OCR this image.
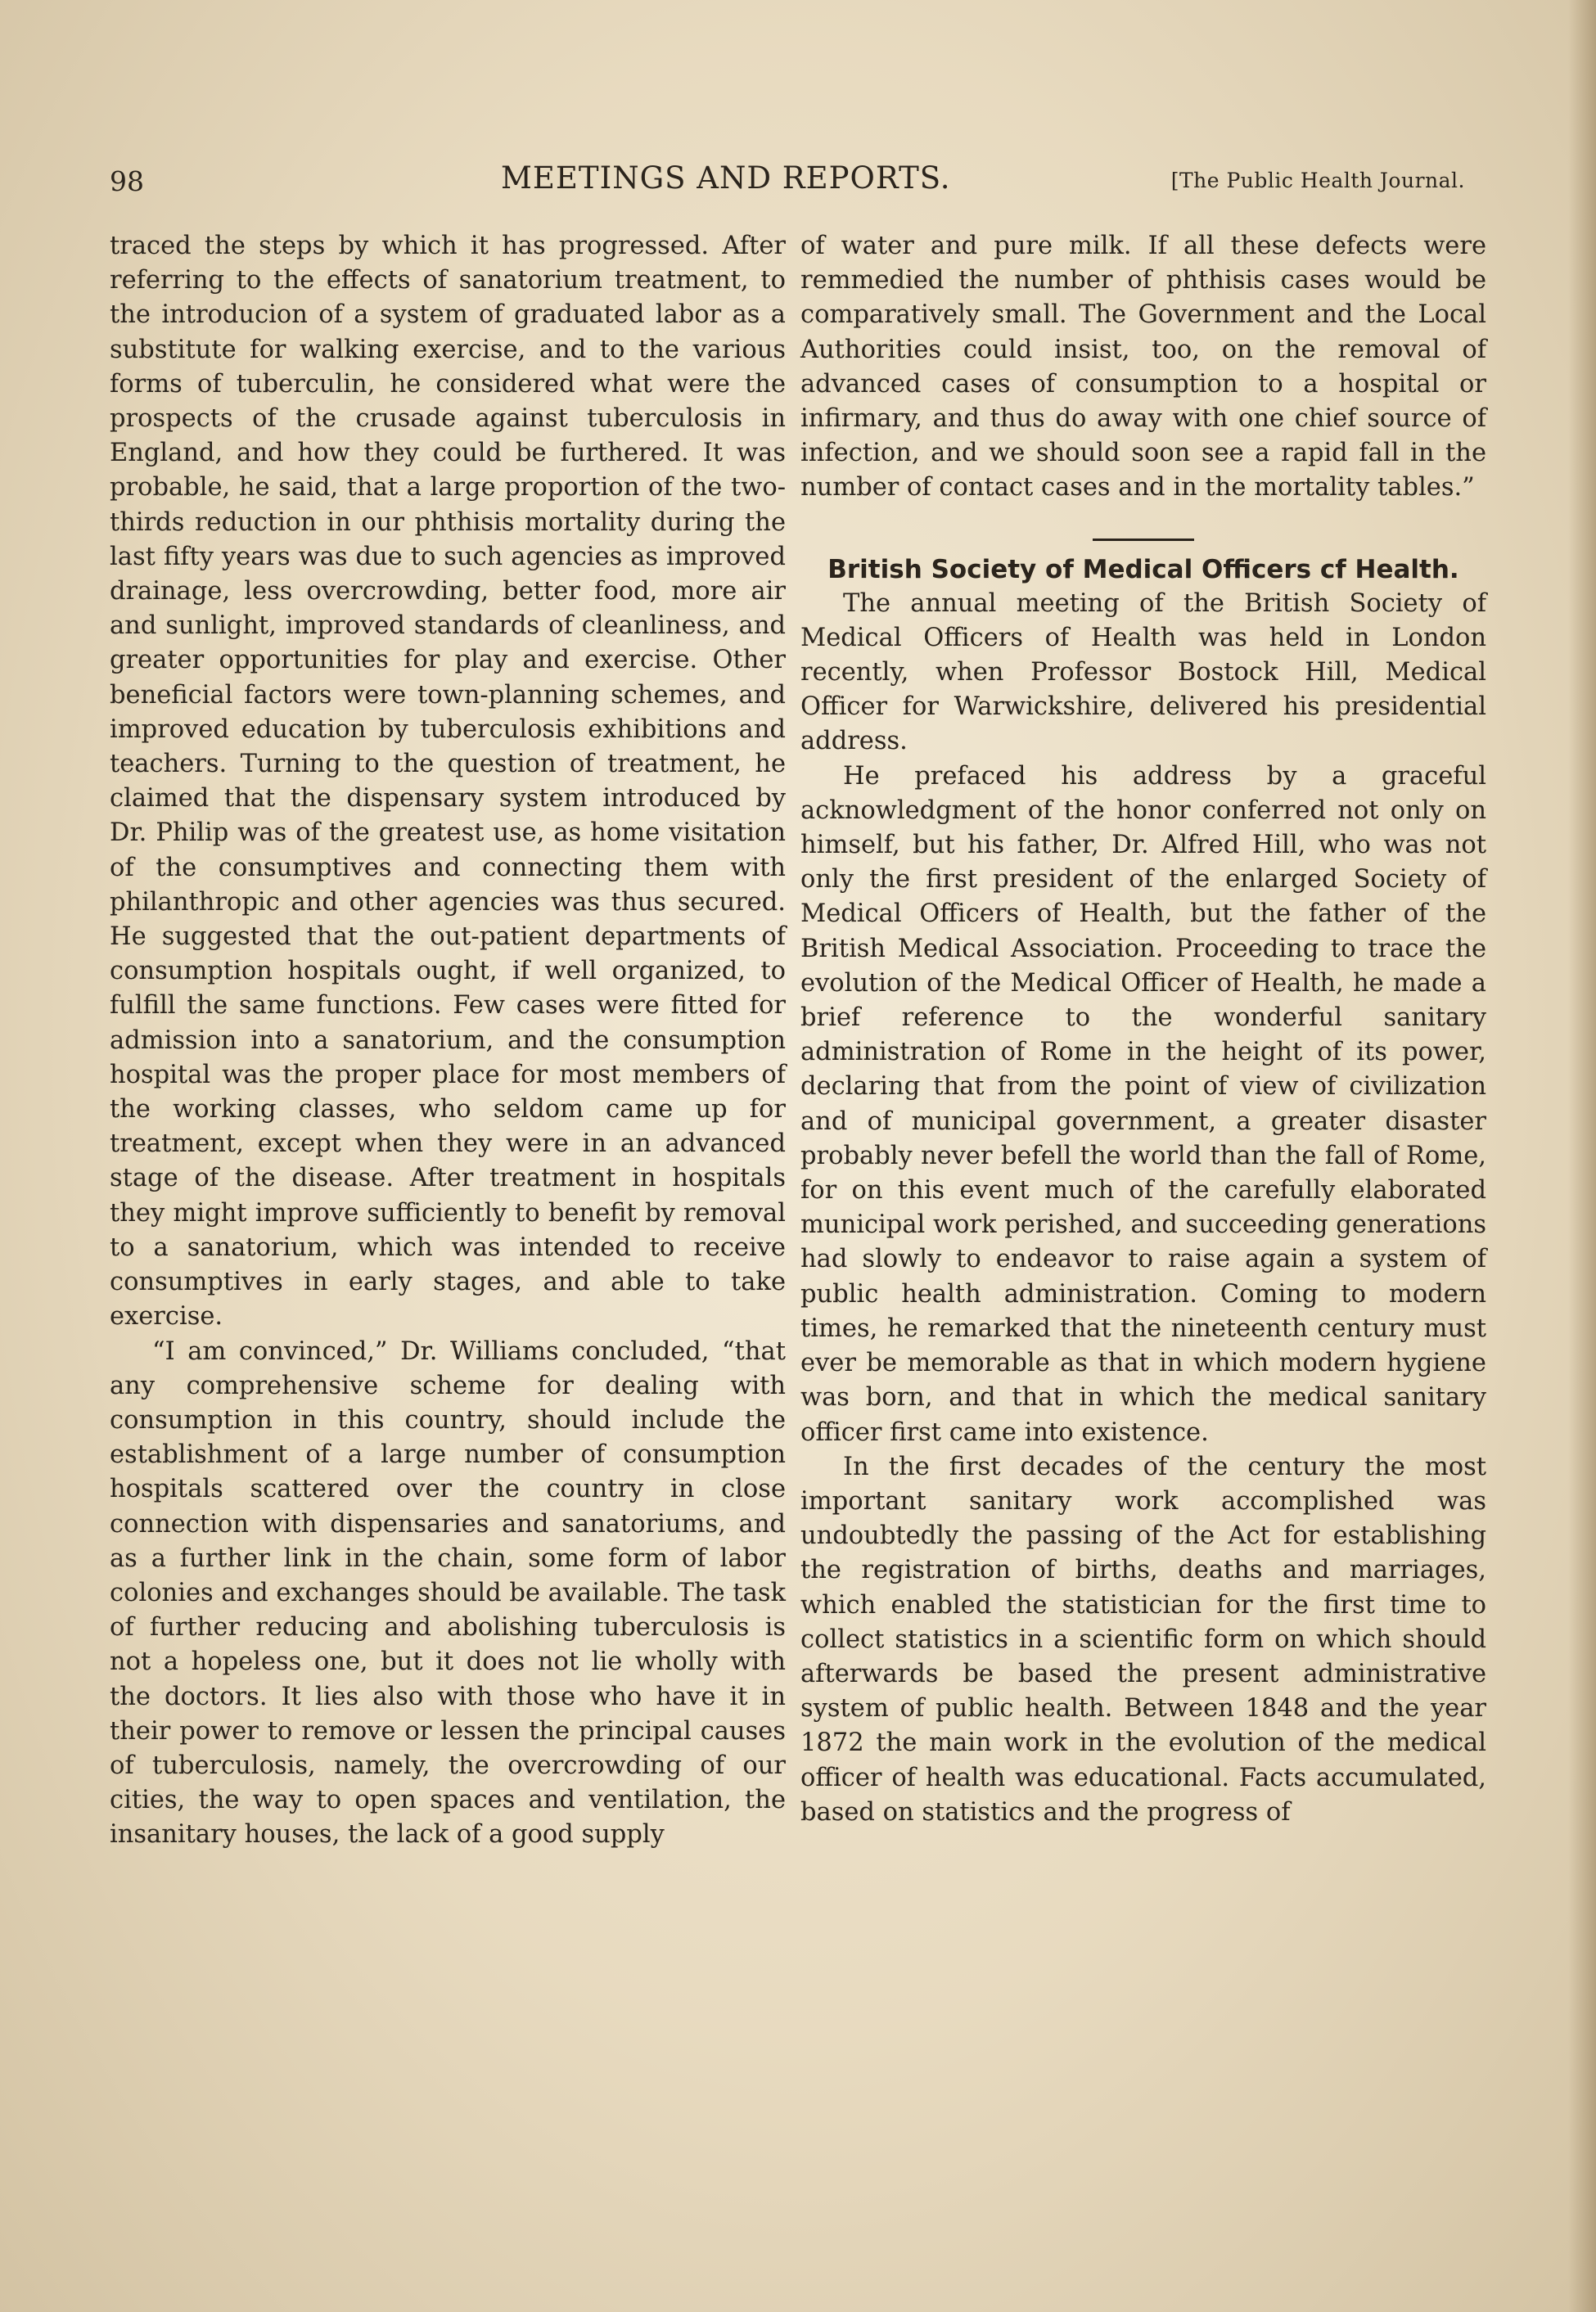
98	MEETINGS AND REPORTS.	[The Public Health Journal.

traced the steps by which it has progressed. After referring to the effects of sanatorium treatment, to the introducion of a system of graduated labor as a substitute for walking exercise, and to the various forms of tuberculin, he considered what were the prospects of the crusade against tuberculosis in England, and how they could be furthered. It was probable, he said, that a large proportion of the two-thirds reduction in our phthisis mortality during the last fifty years was due to such agencies as improved drainage, less overcrowding, better food, more air and sunlight, improved standards of cleanliness, and greater opportunities for play and exercise. Other beneficial factors were town-planning schemes, and improved education by tuberculosis exhibitions and teachers. Turning to the question of treatment, he claimed that the dispensary system introduced by Dr. Philip was of the greatest use, as home visitation of the consumptives and connecting them with philanthropic and other agencies was thus secured. He suggested that the out-patient departments of consumption hospitals ought, if well organized, to fulfill the same functions. Few cases were fitted for admission into a sanatorium, and the consumption hospital was the proper place for most members of the working classes, who seldom came up for treatment, except when they were in an advanced stage of the disease. After treatment in hospitals they might improve sufficiently to benefit by removal to a sanatorium, which was intended to receive consumptives in early stages, and able to take exercise.

“I am convinced,” Dr. Williams concluded, “that any comprehensive scheme for dealing with consumption in this country, should include the establishment of a large number of consumption hospitals scattered over the country in close connection with dispensaries and sanatoriums, and as a further link in the chain, some form of labor colonies and exchanges should be available. The task of further reducing and abolishing tuberculosis is not a hopeless one, but it does not lie wholly with the doctors. It lies also with those who have it in their power to remove or lessen the principal causes of tuberculosis, namely, the overcrowding of our cities, the way to open spaces and ventilation, the insanitary houses, the lack of a good supply

of water and pure milk. If all these defects were remmedied the number of phthisis cases would be comparatively small. The Government and the Local Authorities could insist, too, on the removal of advanced cases of consumption to a hospital or infirmary, and thus do away with one chief source of infection, and we should soon see a rapid fall in the number of contact cases and in the mortality tables.”

British Society of Medical Officers cf Health.

The annual meeting of the British Society of Medical Officers of Health was held in London recently, when Professor Bostock Hill, Medical Officer for Warwickshire, delivered his presidential address.

He prefaced his address by a graceful acknowledgment of the honor conferred not only on himself, but his father, Dr. Alfred Hill, who was not only the first president of the enlarged Society of Medical Officers of Health, but the father of the British Medical Association. Proceeding to trace the evolution of the Medical Officer of Health, he made a brief reference to the wonderful sanitary administration of Rome in the height of its power, declaring that from the point of view of civilization and of municipal government, a greater disaster probably never befell the world than the fall of Rome, for on this event much of the carefully elaborated municipal work perished, and succeeding generations had slowly to endeavor to raise again a system of public health administration. Coming to modern times, he remarked that the nineteenth century must ever be memorable as that in which modern hygiene was born, and that in which the medical sanitary officer first came into existence.

In the first decades of the century the most important sanitary work accomplished was undoubtedly the passing of the Act for establishing the registration of births, deaths and marriages, which enabled the statistician for the first time to collect statistics in a scientific form on which should afterwards be based the present administrative system of public health. Between 1848 and the year 1872 the main work in the evolution of the medical officer of health was educational. Facts accumulated, based on statistics and the progress of
